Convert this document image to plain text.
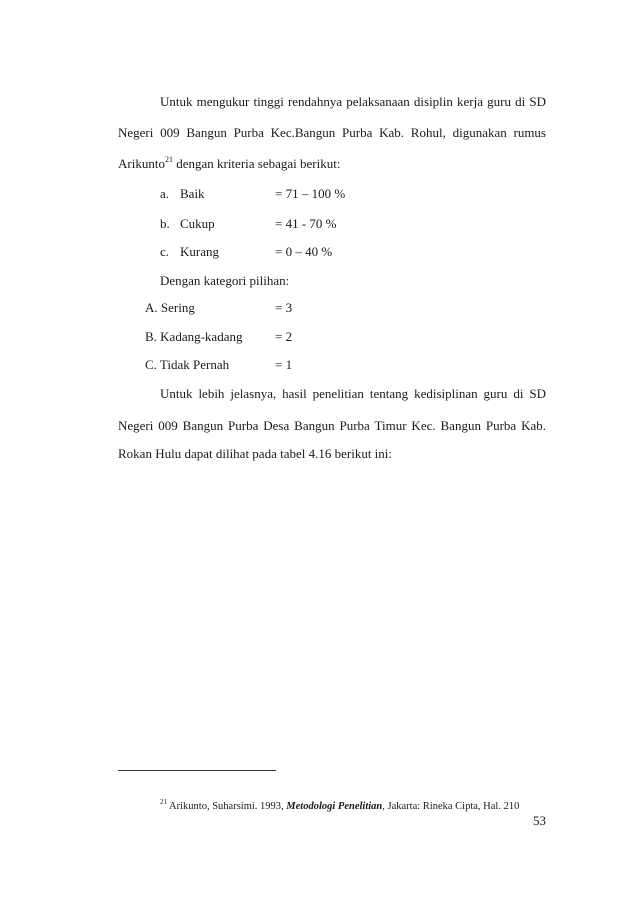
Untuk mengukur tinggi rendahnya pelaksanaan disiplin kerja guru di SD
Negeri 009 Bangun Purba Kec.Bangun Purba Kab. Rohul, digunakan rumus
Arikunto$^{21}$ dengan kriteria sebagai berikut:
a. Baik	= 71 – 100 %
b. Cukup	= 41 - 70 %
c. Kurang	= 0 – 40 %
Dengan kategori pilihan:
A. Sering	= 3
B. Kadang-kadang	= 2
C. Tidak Pernah	= 1
Untuk lebih jelasnya, hasil penelitian tentang kedisiplinan guru di SD
Negeri 009 Bangun Purba Desa Bangun Purba Timur Kec. Bangun Purba Kab.
Rokan Hulu dapat dilihat pada tabel 4.16 berikut ini:
$^{21}$ Arikunto, Suharsimi. 1993, Metodologi Penelitian, Jakarta: Rineka Cipta, Hal. 210
53
